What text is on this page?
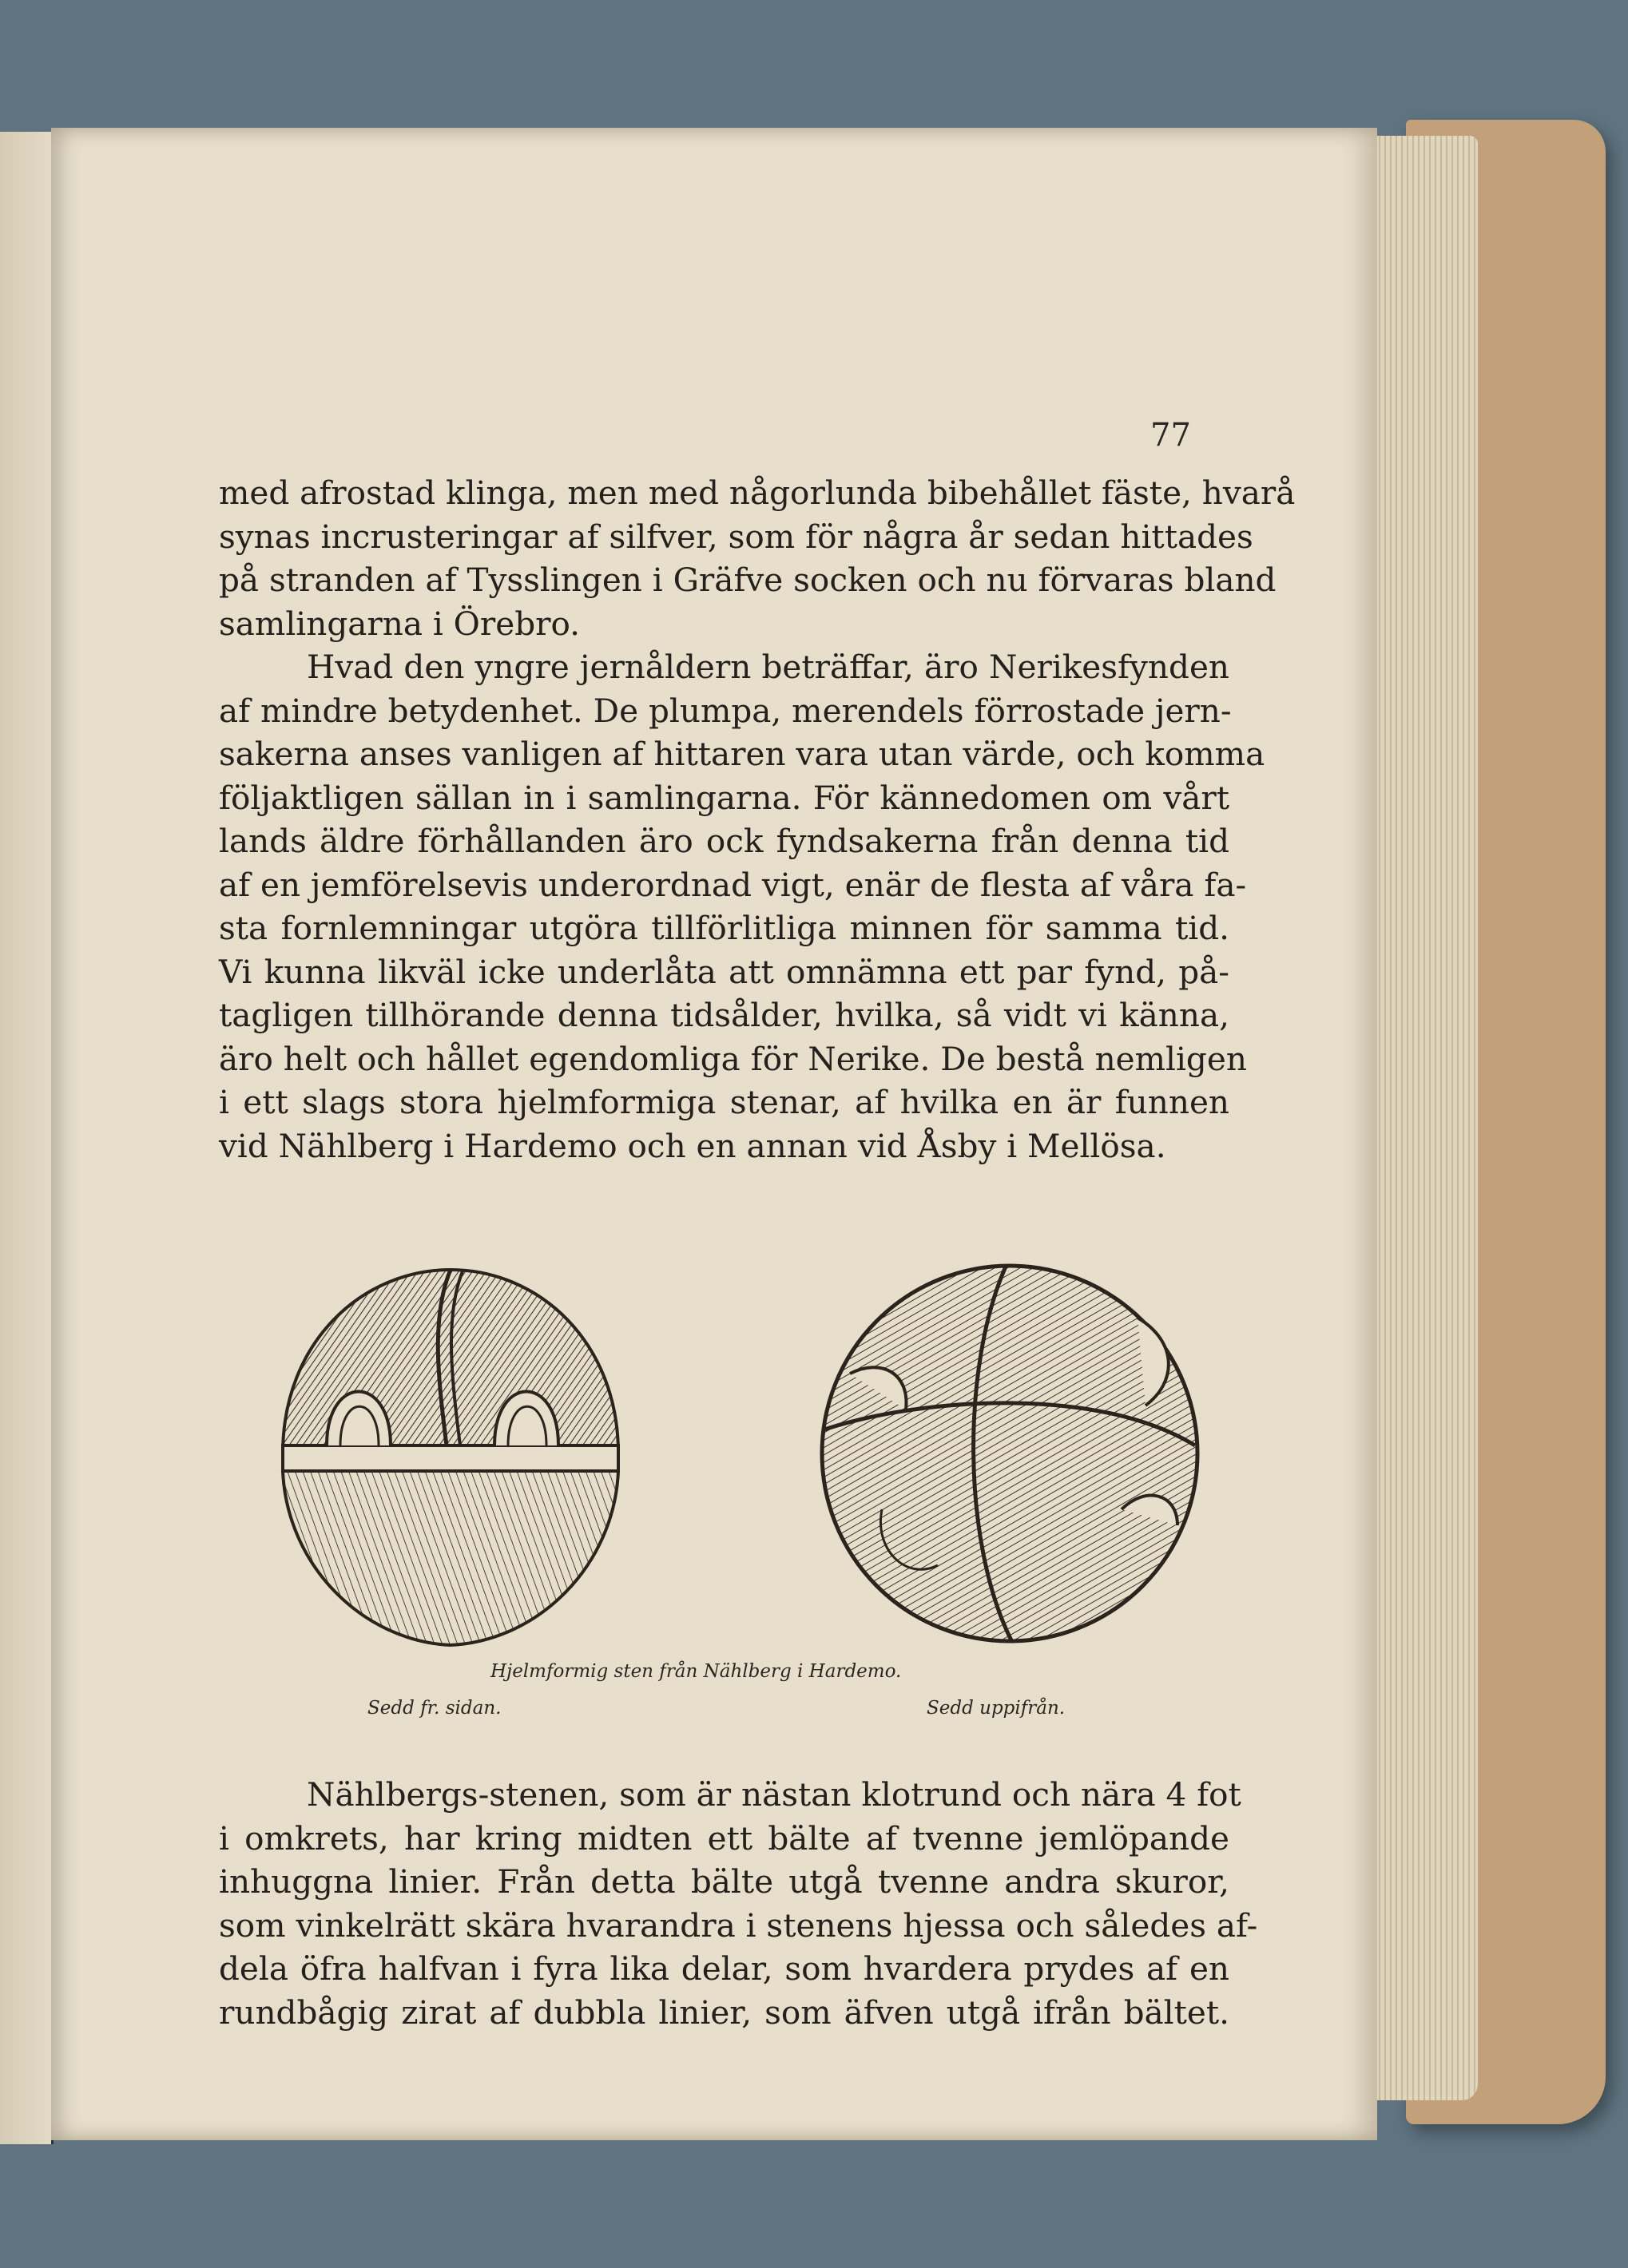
77
med afrostad klinga, men med någorlunda bibehållet fäste, hvarå
synas incrusteringar af silfver, som för några år sedan hittades
på stranden af Tysslingen i Gräfve socken och nu förvaras bland
samlingarna i Örebro.
Hvad den yngre jernåldern beträffar, äro Nerikesfynden
af mindre betydenhet. De plumpa, merendels förrostade jern-
sakerna anses vanligen af hittaren vara utan värde, och komma
följaktligen sällan in i samlingarna. För kännedomen om vårt
lands äldre förhållanden äro ock fyndsakerna från denna tid
af en jemförelsevis underordnad vigt, enär de flesta af våra fa-
sta fornlemningar utgöra tillförlitliga minnen för samma tid.
Vi kunna likväl icke underlåta att omnämna ett par fynd, på-
tagligen tillhörande denna tidsålder, hvilka, så vidt vi känna,
äro helt och hållet egendomliga för Nerike. De bestå nemligen
i ett slags stora hjelmformiga stenar, af hvilka en är funnen
vid Nählberg i Hardemo och en annan vid Åsby i Mellösa.
Hjelmformig sten från Nählberg i Hardemo.
Sedd fr. sidan.	Sedd uppifrån.
Nählbergs-stenen, som är nästan klotrund och nära 4 fot
i omkrets, har kring midten ett bälte af tvenne jemlöpande
inhuggna linier. Från detta bälte utgå tvenne andra skuror,
som vinkelrätt skära hvarandra i stenens hjessa och således af-
dela öfra halfvan i fyra lika delar, som hvardera prydes af en
rundbågig zirat af dubbla linier, som äfven utgå ifrån bältet.
